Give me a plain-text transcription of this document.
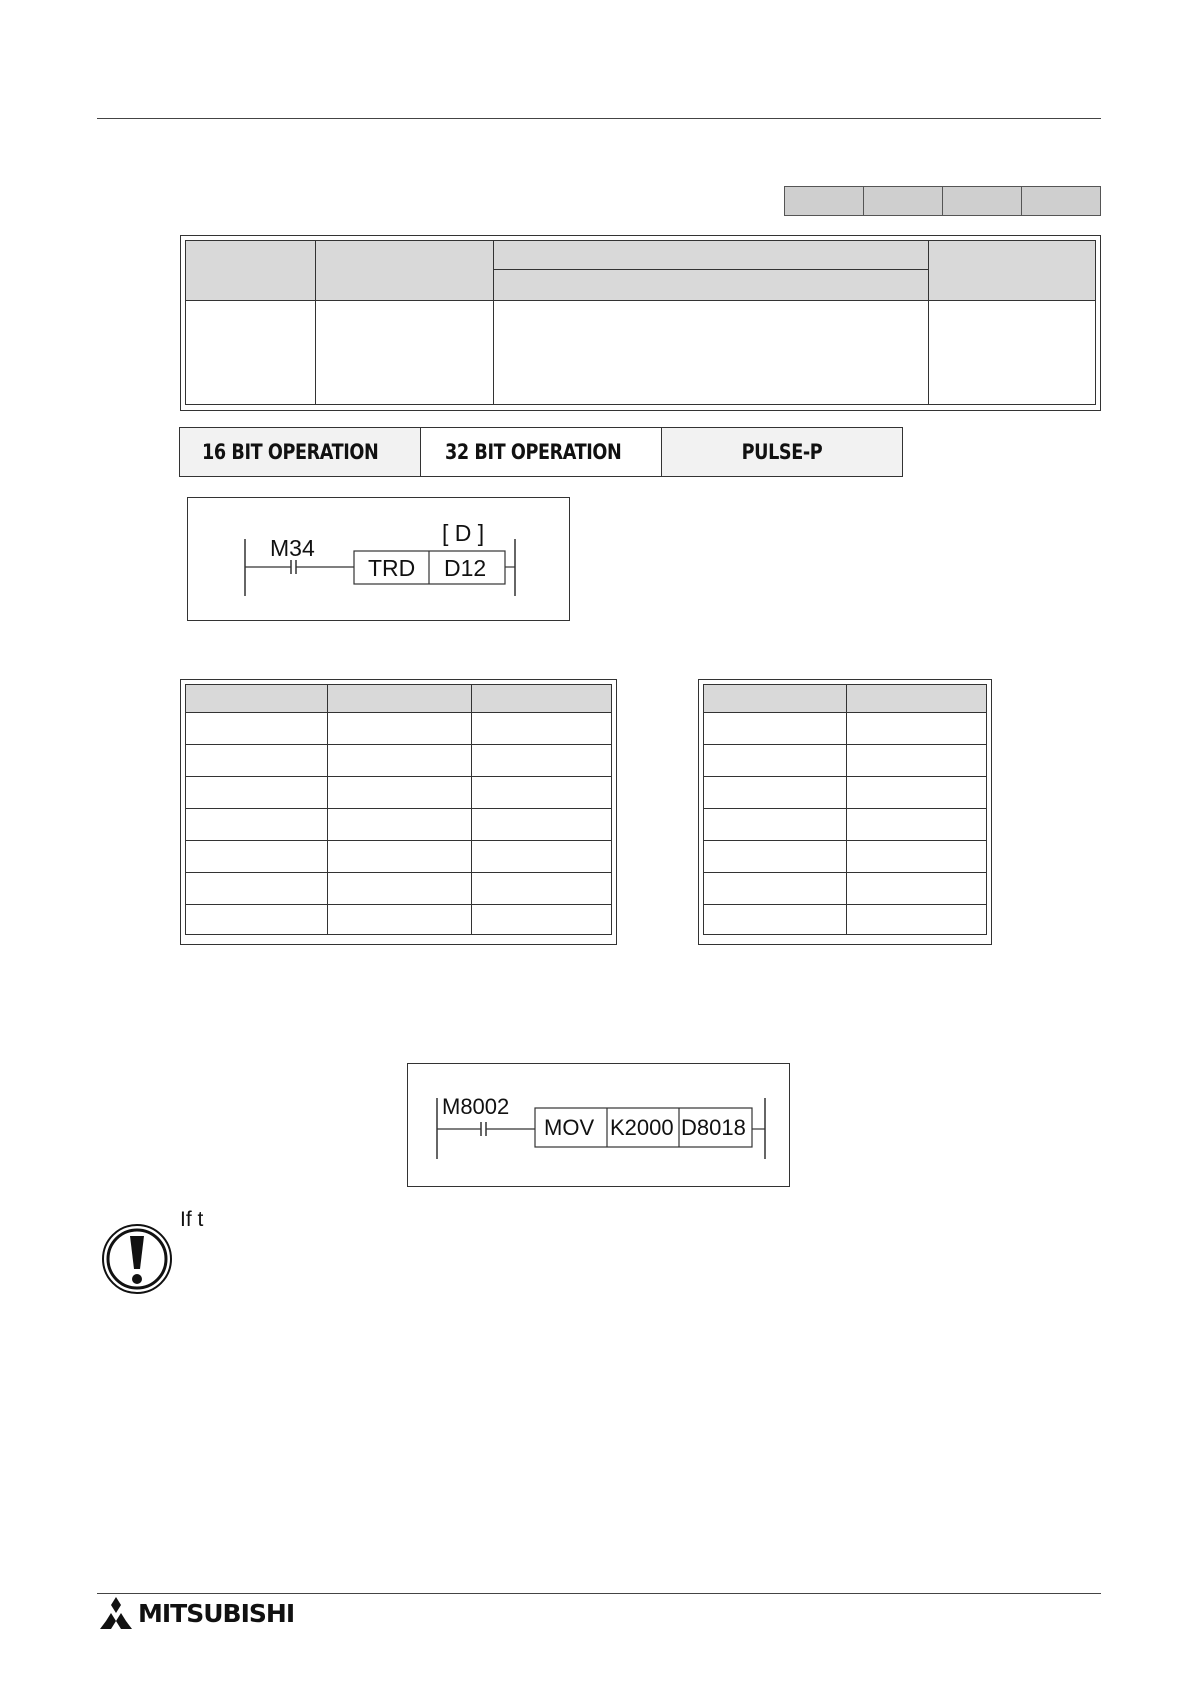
16 BIT OPERATION	32 BIT OPERATION	PULSE-P
M34
[ D ]
TRD D12

M8002
MOV K2000 D8018
If t
MITSUBISHI
